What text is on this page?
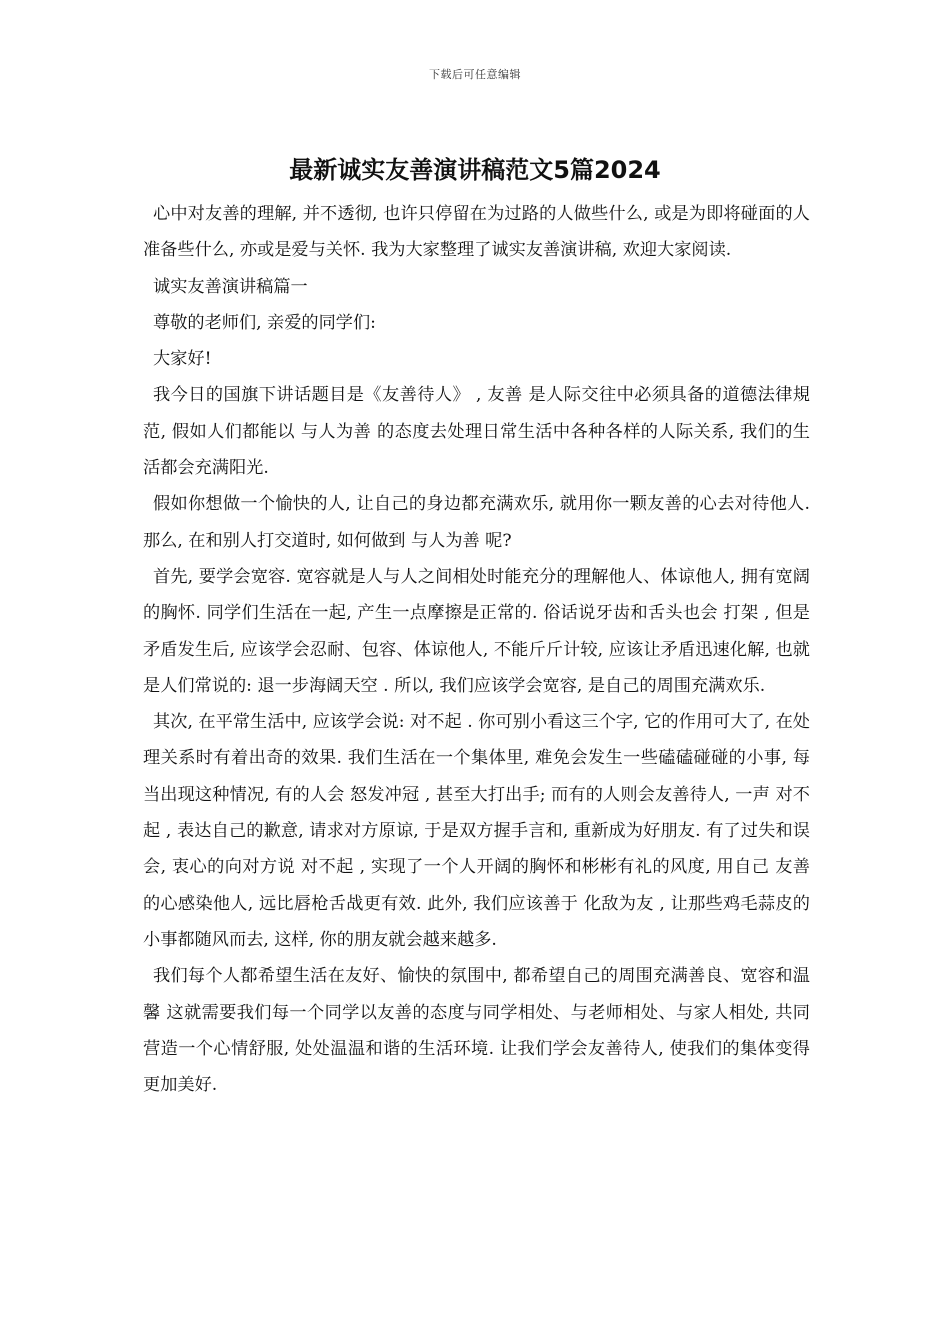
下载后可任意编辑
最新诚实友善演讲稿范文5篇2024

心中对友善的理解, 并不透彻, 也许只停留在为过路的人做些什么, 或是为即将碰面的人准备些什么, 亦或是爱与关怀. 我为大家整理了诚实友善演讲稿, 欢迎大家阅读.

诚实友善演讲稿篇一

尊敬的老师们, 亲爱的同学们:

大家好!

我今日的国旗下讲话题目是《友善待人》 , 友善 是人际交往中必须具备的道德法律規范, 假如人们都能以 与人为善 的态度去处理日常生活中各种各样的人际关系, 我们的生活都会充满阳光.

假如你想做一个愉快的人, 让自己的身边都充满欢乐, 就用你一颗友善的心去对待他人. 那么, 在和别人打交道时, 如何做到 与人为善 呢?

首先, 要学会宽容. 宽容就是人与人之间相处时能充分的理解他人、体谅他人, 拥有宽阔的胸怀. 同学们生活在一起, 产生一点摩擦是正常的. 俗话说牙齿和舌头也会 打架 , 但是矛盾发生后, 应该学会忍耐、包容、体谅他人, 不能斤斤计较, 应该让矛盾迅速化解, 也就是人们常说的: 退一步海阔天空 . 所以, 我们应该学会宽容, 是自己的周围充满欢乐.

其次, 在平常生活中, 应该学会说: 对不起 . 你可别小看这三个字, 它的作用可大了, 在处理关系时有着出奇的效果. 我们生活在一个集体里, 难免会发生一些磕磕碰碰的小事, 每当出现这种情况, 有的人会 怒发冲冠 , 甚至大打出手; 而有的人则会友善待人, 一声 对不起 , 表达自己的歉意, 请求对方原谅, 于是双方握手言和, 重新成为好朋友. 有了过失和误会, 衷心的向对方说 对不起 , 实现了一个人开阔的胸怀和彬彬有礼的风度, 用自己 友善 的心感染他人, 远比唇枪舌战更有效. 此外, 我们应该善于 化敌为友 , 让那些鸡毛蒜皮的小事都随风而去, 这样, 你的朋友就会越来越多.

我们每个人都希望生活在友好、愉快的氛围中, 都希望自己的周围充满善良、宽容和温馨 这就需要我们每一个同学以友善的态度与同学相处、与老师相处、与家人相处, 共同营造一个心情舒服, 处处温温和谐的生活环境. 让我们学会友善待人, 使我们的集体变得更加美好.
